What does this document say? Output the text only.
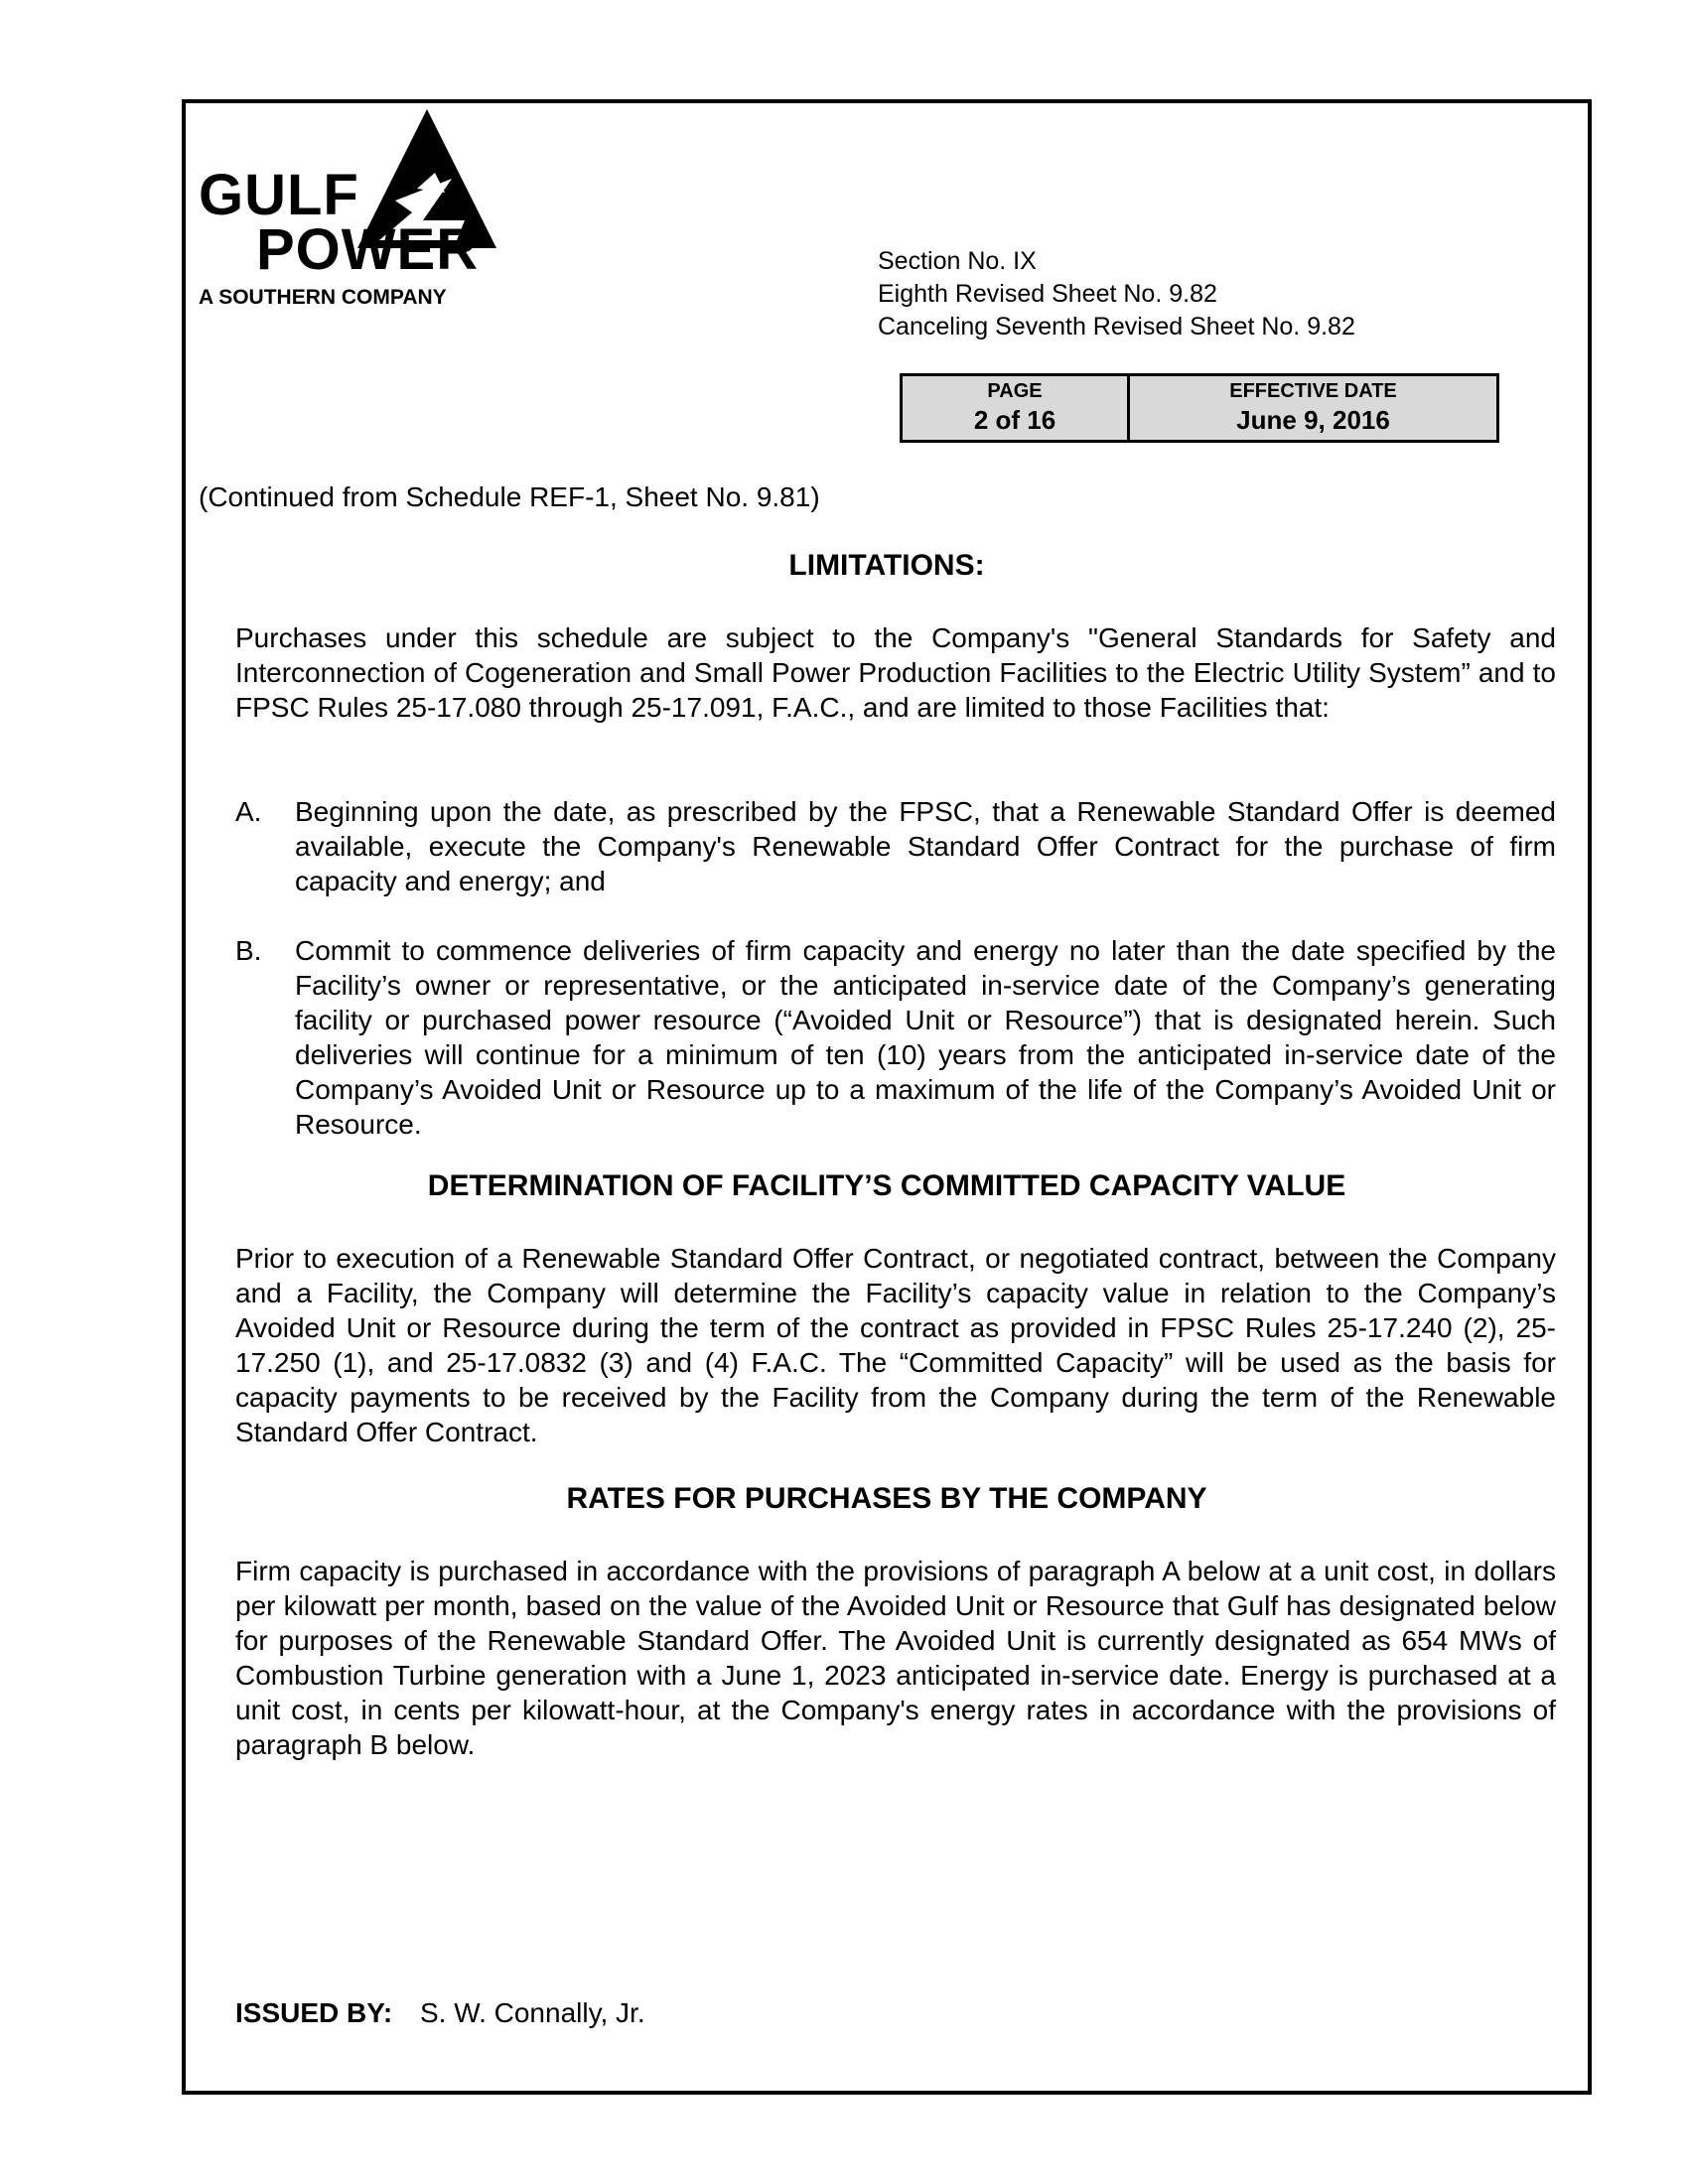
GULF
POWER
A SOUTHERN COMPANY
Section No. IX
Eighth Revised Sheet No. 9.82
Canceling Seventh Revised Sheet No. 9.82
PAGE
2 of 16
EFFECTIVE DATE
June 9, 2016
(Continued from Schedule REF-1, Sheet No. 9.81)
LIMITATIONS:

Purchases under this schedule are subject to the Company's "General Standards for Safety and Interconnection of Cogeneration and Small Power Production Facilities to the Electric Utility System” and to FPSC Rules 25-17.080 through 25-17.091, F.A.C., and are limited to those Facilities that:

A. Beginning upon the date, as prescribed by the FPSC, that a Renewable Standard Offer is deemed available, execute the Company's Renewable Standard Offer Contract for the purchase of firm capacity and energy; and

B. Commit to commence deliveries of firm capacity and energy no later than the date specified by the Facility’s owner or representative, or the anticipated in-service date of the Company’s generating facility or purchased power resource (“Avoided Unit or Resource”) that is designated herein. Such deliveries will continue for a minimum of ten (10) years from the anticipated in-service date of the Company’s Avoided Unit or Resource up to a maximum of the life of the Company’s Avoided Unit or Resource.

DETERMINATION OF FACILITY’S COMMITTED CAPACITY VALUE

Prior to execution of a Renewable Standard Offer Contract, or negotiated contract, between the Company and a Facility, the Company will determine the Facility’s capacity value in relation to the Company’s Avoided Unit or Resource during the term of the contract as provided in FPSC Rules 25-17.240 (2), 25-17.250 (1), and 25-17.0832 (3) and (4) F.A.C. The “Committed Capacity” will be used as the basis for capacity payments to be received by the Facility from the Company during the term of the Renewable Standard Offer Contract.

RATES FOR PURCHASES BY THE COMPANY

Firm capacity is purchased in accordance with the provisions of paragraph A below at a unit cost, in dollars per kilowatt per month, based on the value of the Avoided Unit or Resource that Gulf has designated below for purposes of the Renewable Standard Offer. The Avoided Unit is currently designated as 654 MWs of Combustion Turbine generation with a June 1, 2023 anticipated in-service date. Energy is purchased at a unit cost, in cents per kilowatt-hour, at the Company's energy rates in accordance with the provisions of paragraph B below.

ISSUED BY: S. W. Connally, Jr.
